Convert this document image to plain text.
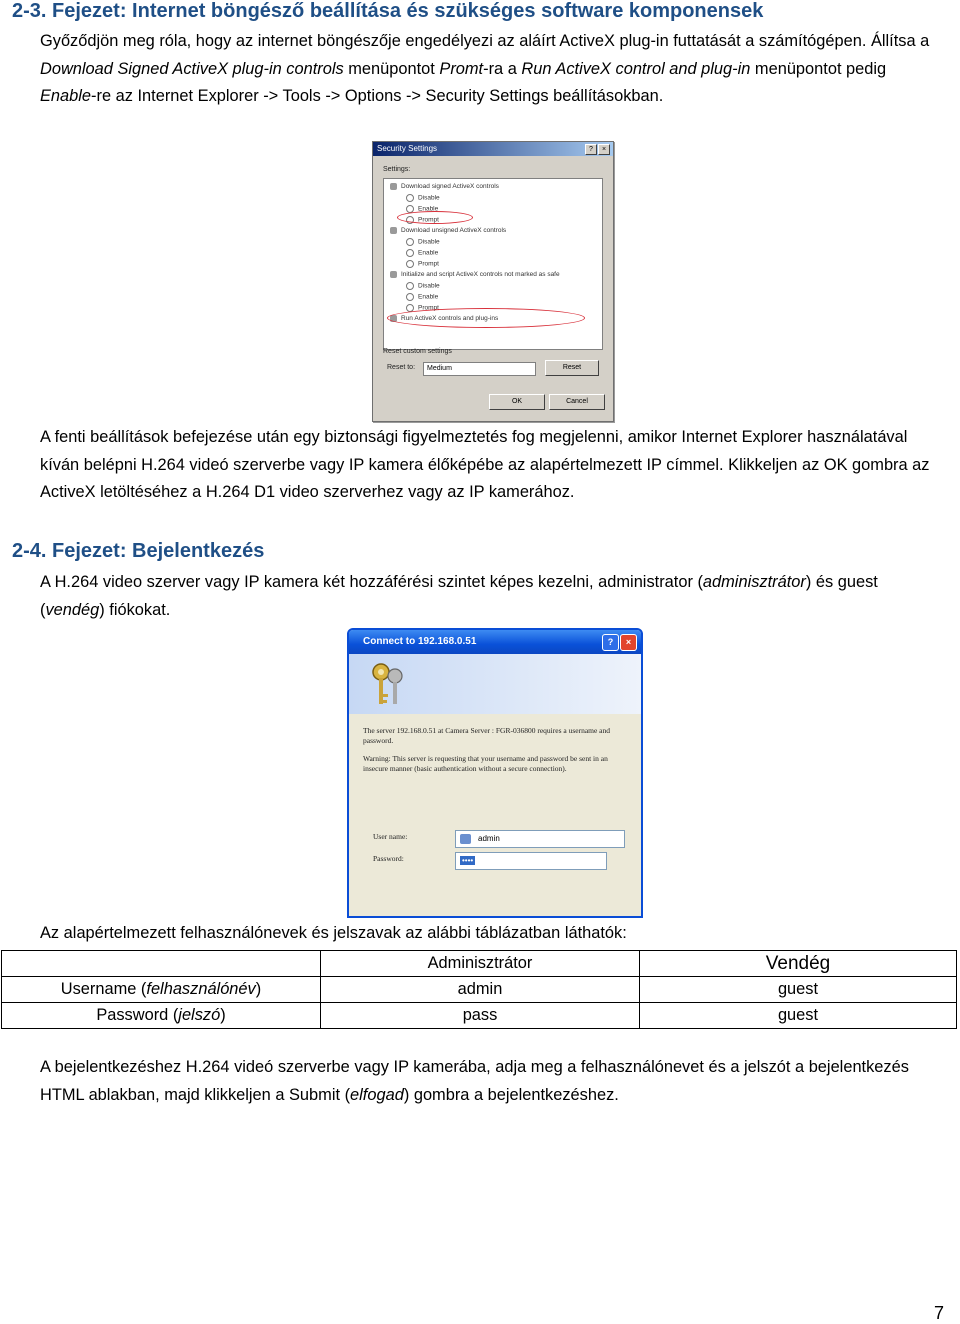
2-3. Fejezet: Internet böngésző beállítása és szükséges software komponensek

Győződjön meg róla, hogy az internet böngészője engedélyezi az aláírt ActiveX plug-in futtatását a számítógépen. Állítsa a Download Signed ActiveX plug-in controls menüpontot Promt-ra a Run ActiveX control and plug-in menüpontot pedig Enable-re az Internet Explorer -> Tools -> Options -> Security Settings beállításokban.

Security Settings	?	×
Settings:
Download signed ActiveX controls
Disable
Enable
Prompt
Download unsigned ActiveX controls
Disable
Enable
Prompt
Initialize and script ActiveX controls not marked as safe
Disable
Enable
Prompt
Run ActiveX controls and plug-ins
Reset custom settings
Reset to:	Medium	Reset
OK	Cancel

A fenti beállítások befejezése után egy biztonsági figyelmeztetés fog megjelenni, amikor Internet Explorer használatával kíván belépni H.264 videó szerverbe vagy IP kamera élőképébe az alapértelmezett IP címmel. Klikkeljen az OK gombra az ActiveX letöltéséhez a H.264 D1 video szerverhez vagy az IP kamerához.

2-4. Fejezet: Bejelentkezés

A H.264 video szerver vagy IP kamera két hozzáférési szintet képes kezelni, administrator (adminisztrátor) és guest (vendég) fiókokat.

Connect to 192.168.0.51	?	×
The server 192.168.0.51 at Camera Server : FGR-036800 requires a username and password.
Warning: This server is requesting that your username and password be sent in an insecure manner (basic authentication without a secure connection).
User name:	admin
Password:	••••

Az alapértelmezett felhasználónevek és jelszavak az alábbi táblázatban láthatók:

	Adminisztrátor	Vendég
Username (felhasználónév)	admin	guest
Password (jelszó)	pass	guest

A bejelentkezéshez H.264 videó szerverbe vagy IP kamerába, adja meg a felhasználónevet és a jelszót a bejelentkezés HTML ablakban, majd klikkeljen a Submit (elfogad) gombra a bejelentkezéshez.

7
